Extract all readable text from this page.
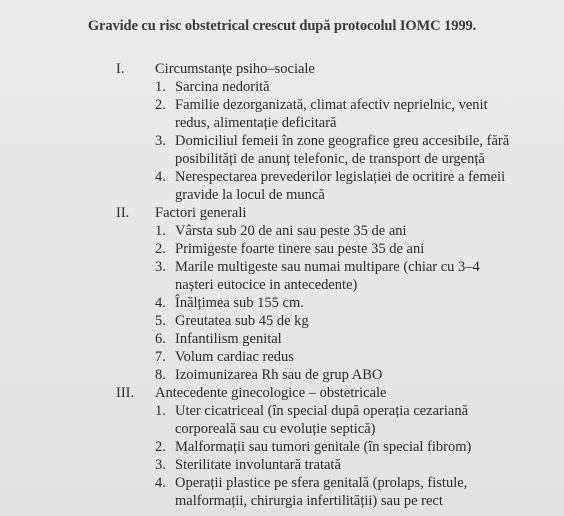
Gravide cu risc obstetrical crescut după protocolul IOMC 1999.
I. Circumstanțe psiho–sociale
1. Sarcina nedorită
2. Familie dezorganizată, climat afectiv neprielnic, venit
redus, alimentație deficitară
3. Domiciliul femeii în zone geografice greu accesibile, fără
posibilități de anunț telefonic, de transport de urgență
4. Nerespectarea prevederilor legislației de ocritire a femeii
gravide la locul de muncă
II. Factori generali
1. Vârsta sub 20 de ani sau peste 35 de ani
2. Primigeste foarte tinere sau peste 35 de ani
3. Marile multigeste sau numai multipare (chiar cu 3–4
nașteri eutocice in antecedente)
4. Înălțimea sub 155 cm.
5. Greutatea sub 45 de kg
6. Infantilism genital
7. Volum cardiac redus
8. Izoimunizarea Rh sau de grup ABO
III. Antecedente ginecologice – obstetricale
1. Uter cicatriceal (în special după operația cezariană
corporeală sau cu evoluție septică)
2. Malformații sau tumori genitale (în special fibrom)
3. Sterilitate involuntară tratată
4. Operații plastice pe sfera genitală (prolaps, fistule,
malformații, chirurgia infertilității) sau pe rect
